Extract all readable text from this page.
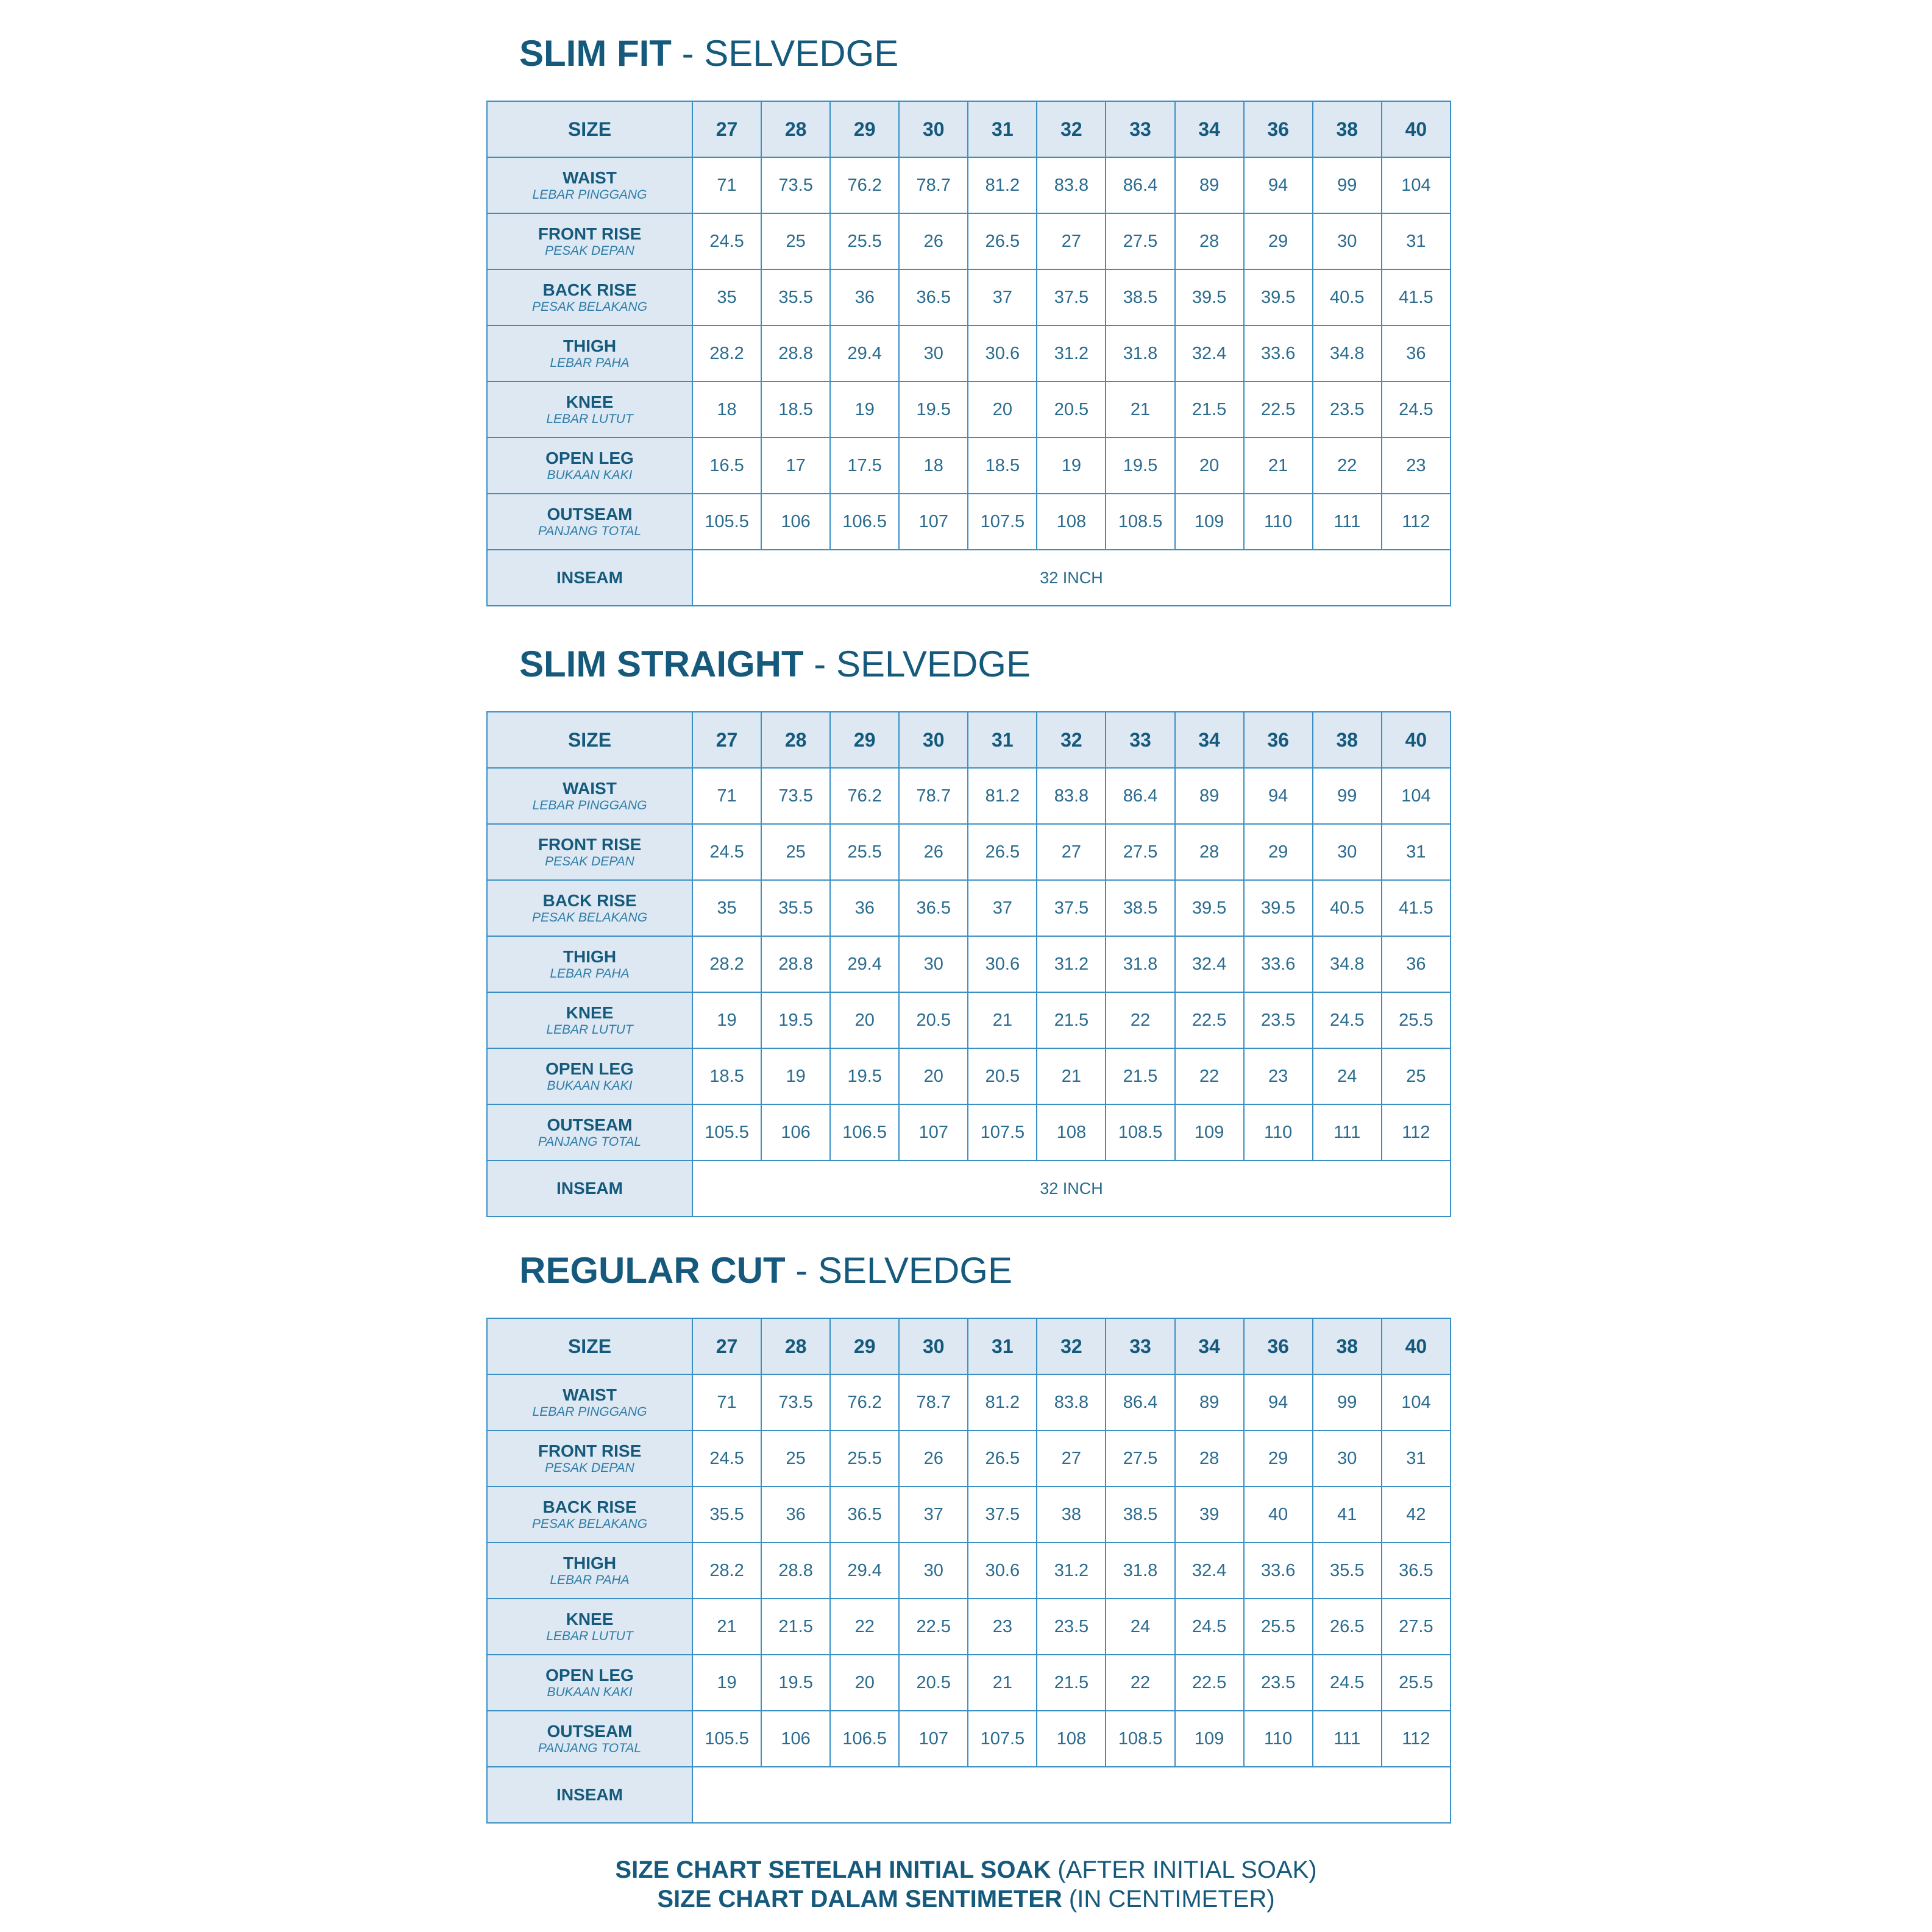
SLIM FIT - SELVEDGE
SIZE	27	28	29	30	31	32	33	34	36	38	40

WAIST
LEBAR PINGGANG	71	73.5	76.2	78.7	81.2	83.8	86.4	89	94	99	104

FRONT RISE
PESAK DEPAN	24.5	25	25.5	26	26.5	27	27.5	28	29	30	31

BACK RISE
PESAK BELAKANG	35	35.5	36	36.5	37	37.5	38.5	39.5	39.5	40.5	41.5

THIGH
LEBAR PAHA	28.2	28.8	29.4	30	30.6	31.2	31.8	32.4	33.6	34.8	36

KNEE
LEBAR LUTUT	18	18.5	19	19.5	20	20.5	21	21.5	22.5	23.5	24.5

OPEN LEG
BUKAAN KAKI	16.5	17	17.5	18	18.5	19	19.5	20	21	22	23

OUTSEAM
PANJANG TOTAL	105.5	106	106.5	107	107.5	108	108.5	109	110	111	112

INSEAM	32 INCH										
SLIM STRAIGHT - SELVEDGE
SIZE	27	28	29	30	31	32	33	34	36	38	40

WAIST
LEBAR PINGGANG	71	73.5	76.2	78.7	81.2	83.8	86.4	89	94	99	104

FRONT RISE
PESAK DEPAN	24.5	25	25.5	26	26.5	27	27.5	28	29	30	31

BACK RISE
PESAK BELAKANG	35	35.5	36	36.5	37	37.5	38.5	39.5	39.5	40.5	41.5

THIGH
LEBAR PAHA	28.2	28.8	29.4	30	30.6	31.2	31.8	32.4	33.6	34.8	36

KNEE
LEBAR LUTUT	19	19.5	20	20.5	21	21.5	22	22.5	23.5	24.5	25.5

OPEN LEG
BUKAAN KAKI	18.5	19	19.5	20	20.5	21	21.5	22	23	24	25

OUTSEAM
PANJANG TOTAL	105.5	106	106.5	107	107.5	108	108.5	109	110	111	112

INSEAM	32 INCH										
REGULAR CUT - SELVEDGE
SIZE	27	28	29	30	31	32	33	34	36	38	40

WAIST
LEBAR PINGGANG	71	73.5	76.2	78.7	81.2	83.8	86.4	89	94	99	104

FRONT RISE
PESAK DEPAN	24.5	25	25.5	26	26.5	27	27.5	28	29	30	31

BACK RISE
PESAK BELAKANG	35.5	36	36.5	37	37.5	38	38.5	39	40	41	42

THIGH
LEBAR PAHA	28.2	28.8	29.4	30	30.6	31.2	31.8	32.4	33.6	35.5	36.5

KNEE
LEBAR LUTUT	21	21.5	22	22.5	23	23.5	24	24.5	25.5	26.5	27.5

OPEN LEG
BUKAAN KAKI	19	19.5	20	20.5	21	21.5	22	22.5	23.5	24.5	25.5

OUTSEAM
PANJANG TOTAL	105.5	106	106.5	107	107.5	108	108.5	109	110	111	112

INSEAM											

SIZE CHART SETELAH INITIAL SOAK (AFTER INITIAL SOAK)
SIZE CHART DALAM SENTIMETER (IN CENTIMETER)
